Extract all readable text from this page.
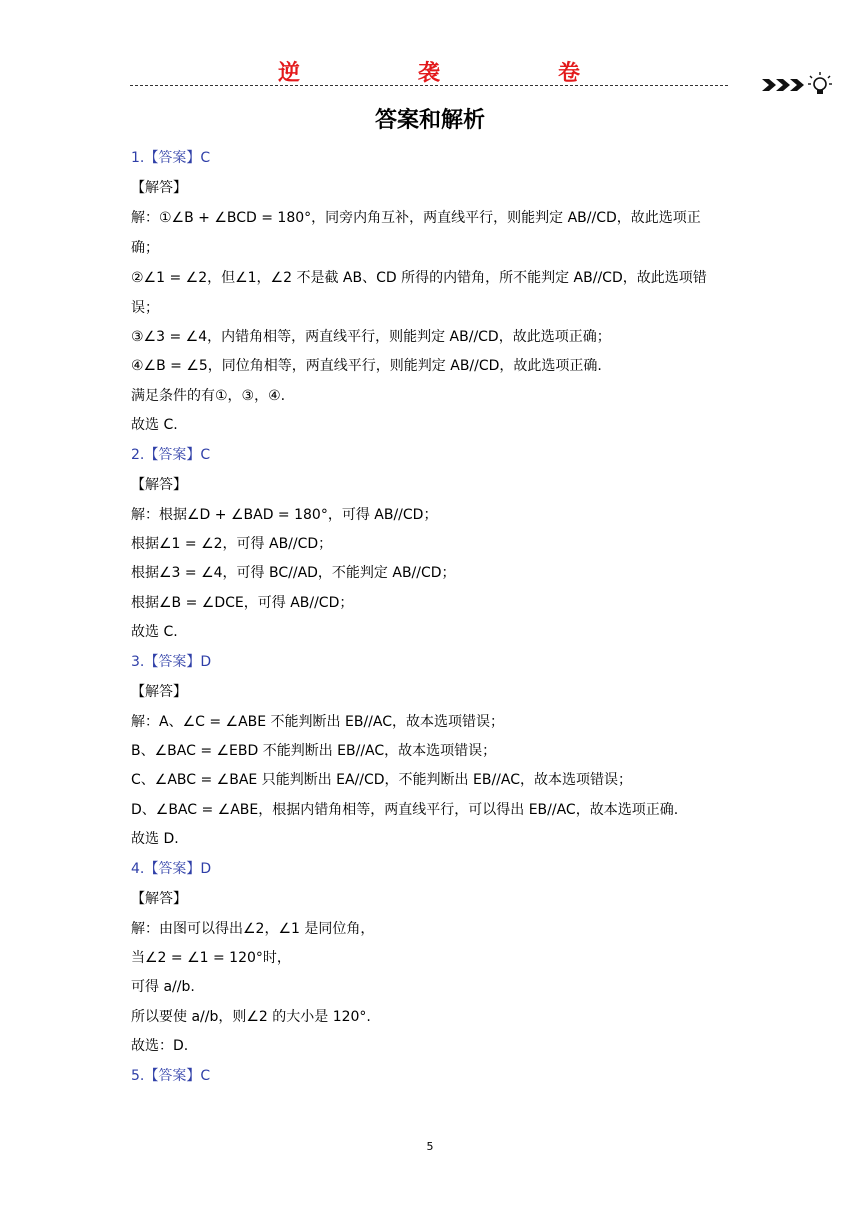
逆	袭	卷
答案和解析
1.【答案】C
【解答】
解：①∠B + ∠BCD = 180°，同旁内角互补，两直线平行，则能判定 AB//CD，故此选项正
确；
②∠1 = ∠2，但∠1，∠2 不是截 AB、CD 所得的内错角，所不能判定 AB//CD，故此选项错
误；
③∠3 = ∠4，内错角相等，两直线平行，则能判定 AB//CD，故此选项正确；
④∠B = ∠5，同位角相等，两直线平行，则能判定 AB//CD，故此选项正确.
满足条件的有①，③，④.
故选 C.
2.【答案】C
【解答】
解：根据∠D + ∠BAD = 180°，可得 AB//CD；
根据∠1 = ∠2，可得 AB//CD；
根据∠3 = ∠4，可得 BC//AD，不能判定 AB//CD；
根据∠B = ∠DCE，可得 AB//CD；
故选 C.
3.【答案】D
【解答】
解：A、∠C = ∠ABE 不能判断出 EB//AC，故本选项错误；
B、∠BAC = ∠EBD 不能判断出 EB//AC，故本选项错误；
C、∠ABC = ∠BAE 只能判断出 EA//CD，不能判断出 EB//AC，故本选项错误；
D、∠BAC = ∠ABE，根据内错角相等，两直线平行，可以得出 EB//AC，故本选项正确.
故选 D.
4.【答案】D
【解答】
解：由图可以得出∠2，∠1 是同位角，
当∠2 = ∠1 = 120°时，
可得 a//b.
所以要使 a//b，则∠2 的大小是 120°.
故选：D.
5.【答案】C
5
